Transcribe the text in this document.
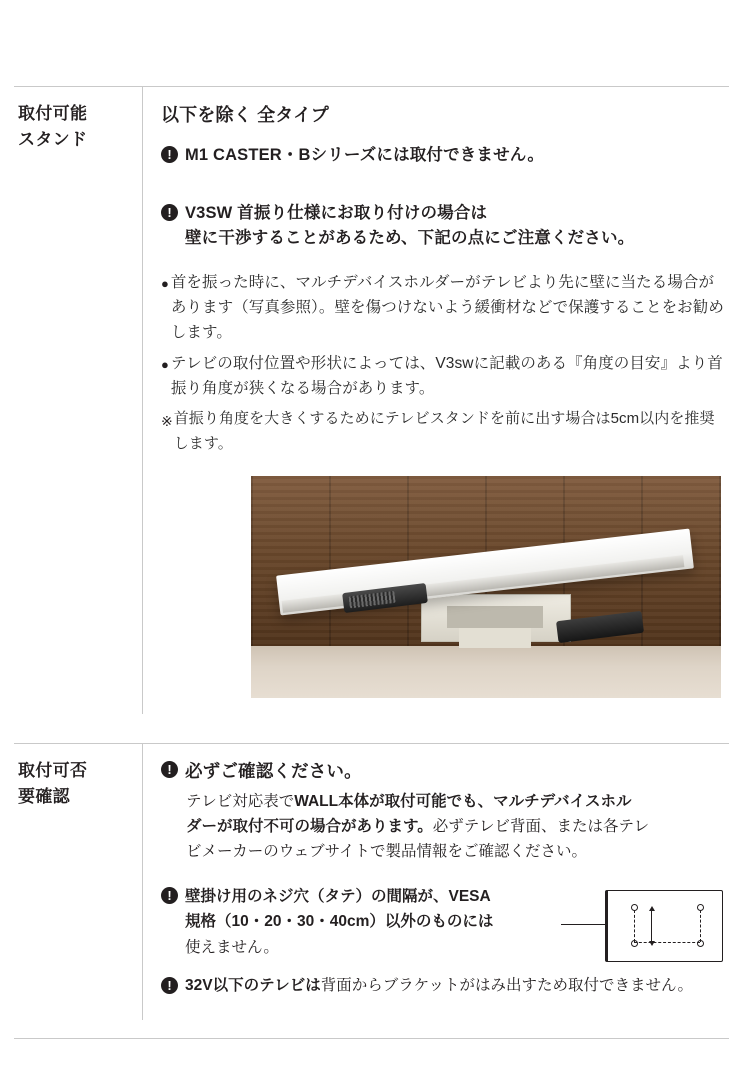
取付可能
スタンド
以下を除く 全タイプ
! M1 CASTER・Bシリーズには取付できません。
! V3SW 首振り仕様にお取り付けの場合は
壁に干渉することがあるため、下記の点にご注意ください。
● 首を振った時に、マルチデバイスホルダーがテレビより先に壁に当たる場合があります（写真参照）。壁を傷つけないよう緩衝材などで保護することをお勧めします。
● テレビの取付位置や形状によっては、V3swに記載のある『角度の目安』より首振り角度が狭くなる場合があります。
※ 首振り角度を大きくするためにテレビスタンドを前に出す場合は5cm以内を推奨します。
取付可否
要確認
! 必ずご確認ください。
テレビ対応表でWALL本体が取付可能でも、マルチデバイスホル
ダーが取付不可の場合があります。必ずテレビ背面、または各テレ
ビメーカーのウェブサイトで製品情報をご確認ください。
! 壁掛け用のネジ穴（タテ）の間隔が、VESA
規格（10・20・30・40cm）以外のものには
使えません。
! 32V以下のテレビは背面からブラケットがはみ出すため取付できません。
